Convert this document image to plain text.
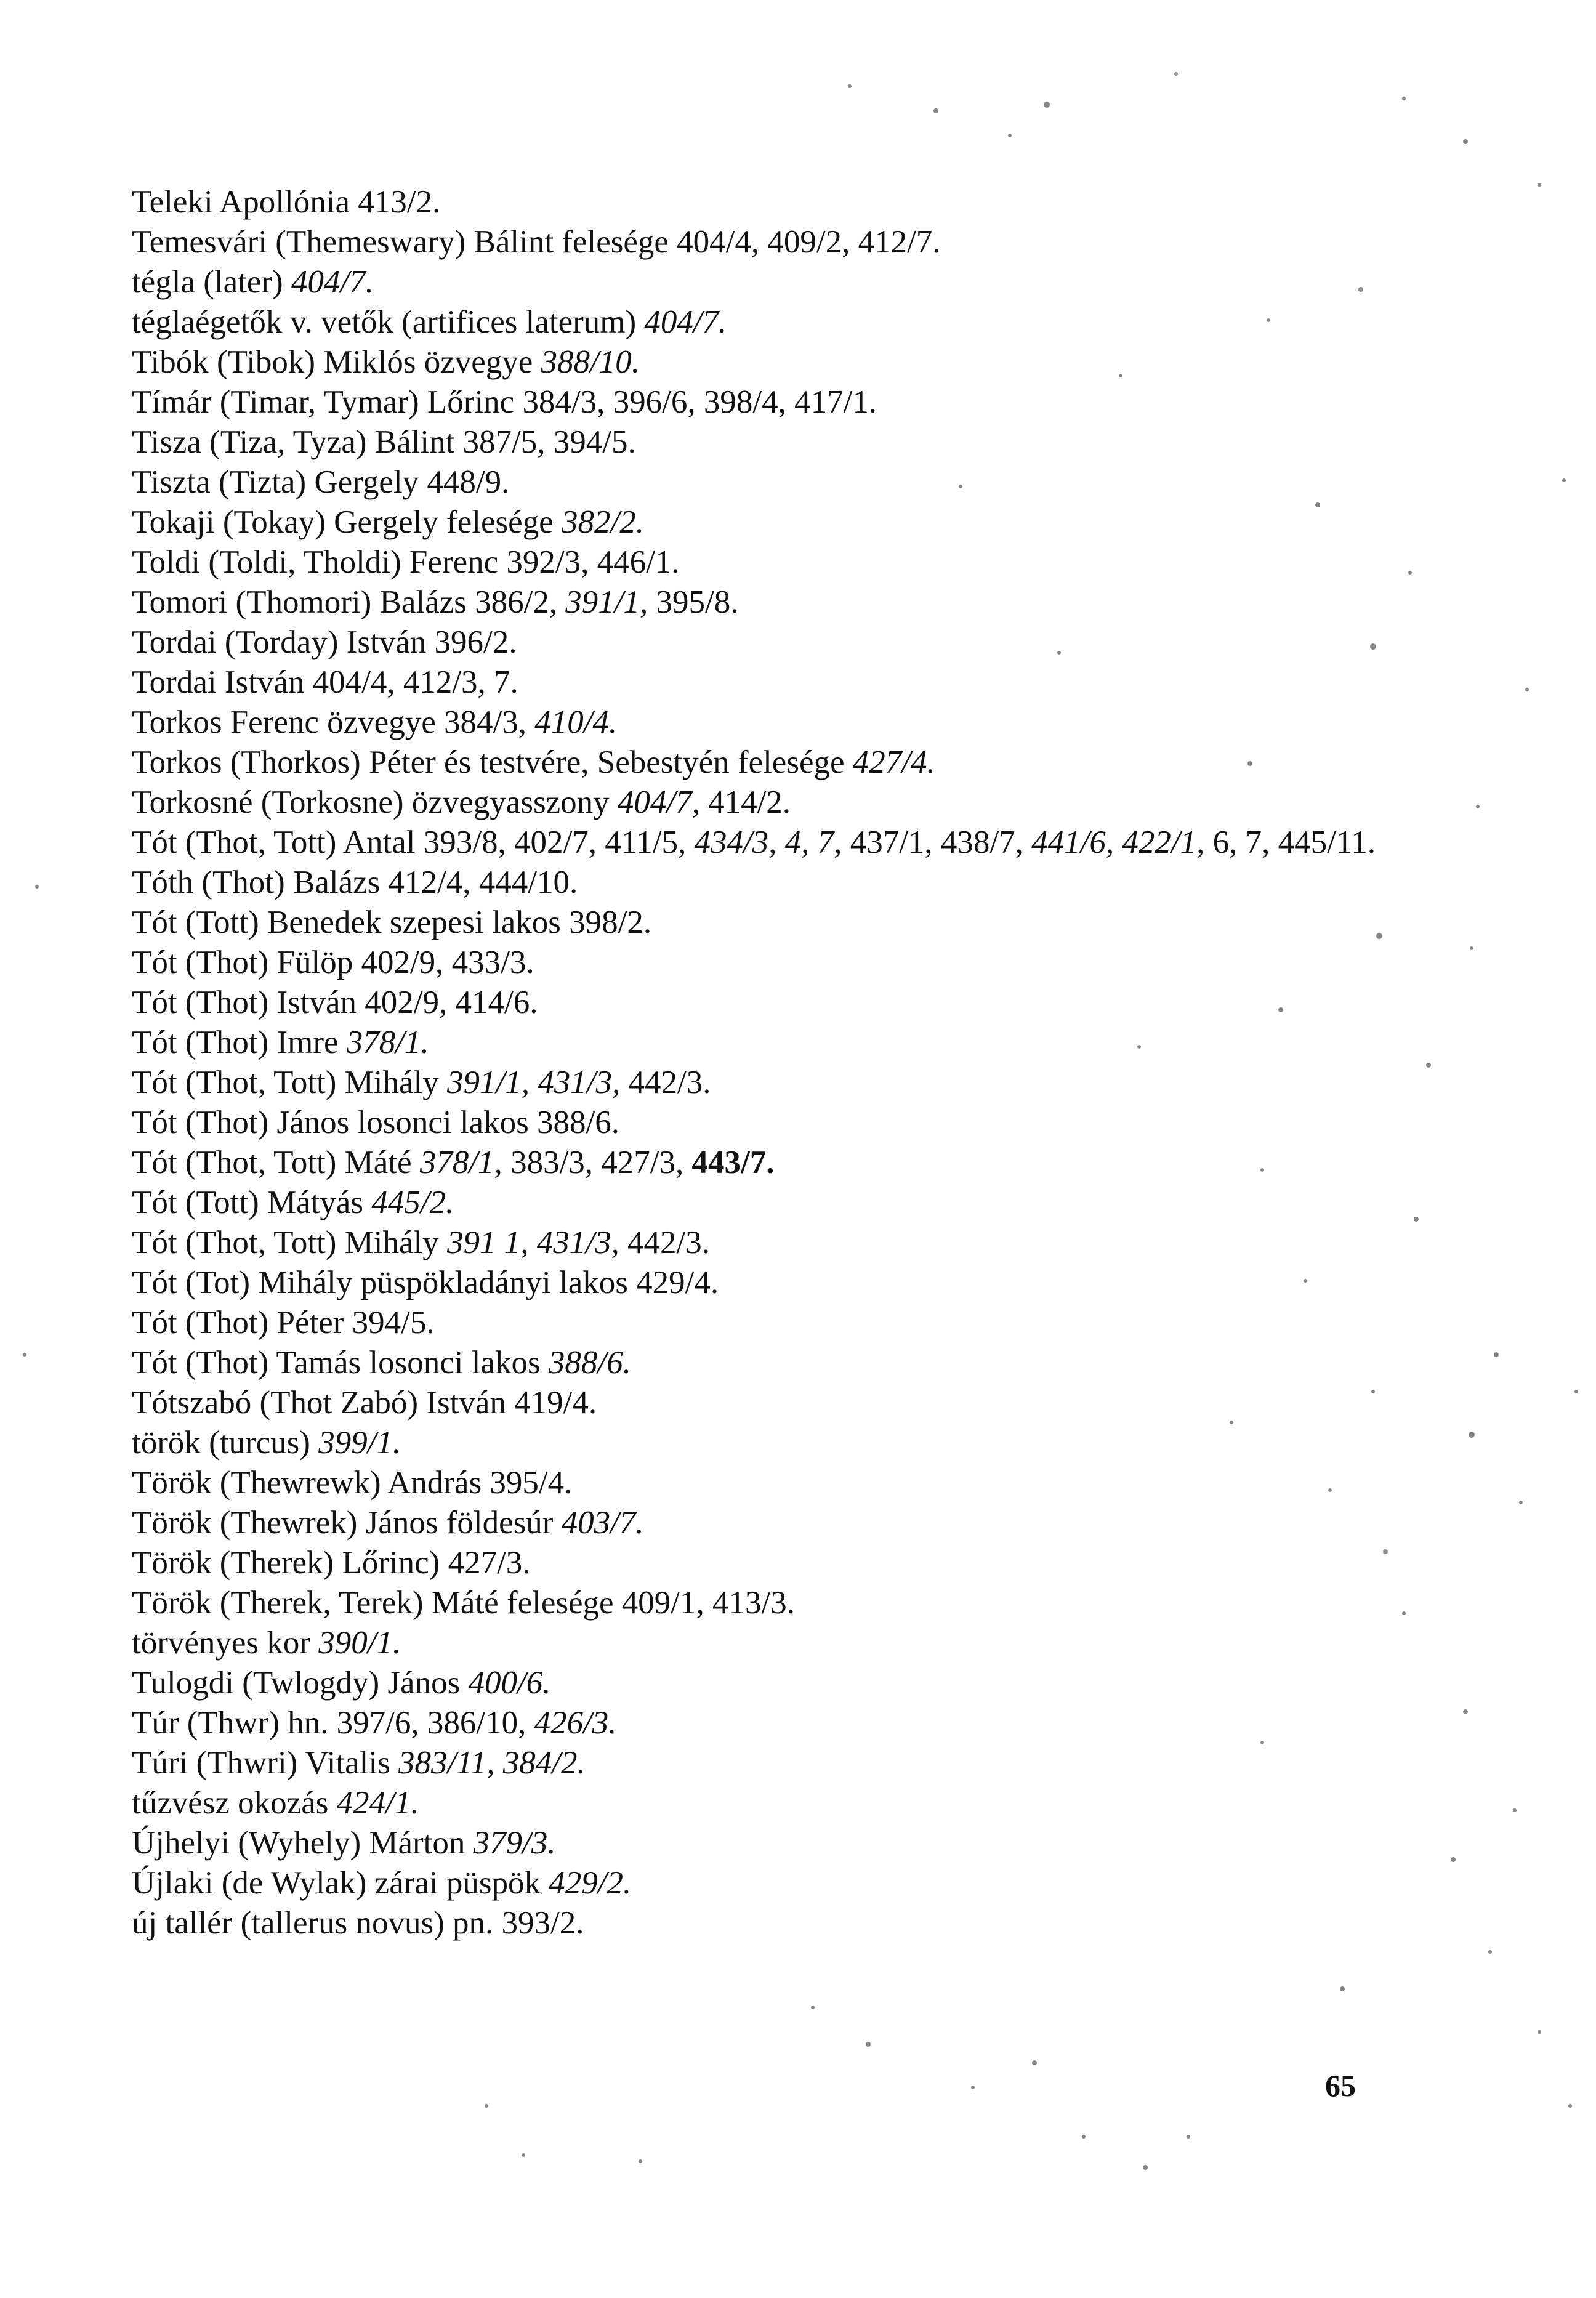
Teleki Apollónia 413/2.
Temesvári (Themeswary) Bálint felesége 404/4, 409/2, 412/7.
tégla (later) 404/7.
téglaégetők v. vetők (artifices laterum) 404/7.
Tibók (Tibok) Miklós özvegye 388/10.
Tímár (Timar, Tymar) Lőrinc 384/3, 396/6, 398/4, 417/1.
Tisza (Tiza, Tyza) Bálint 387/5, 394/5.
Tiszta (Tizta) Gergely 448/9.
Tokaji (Tokay) Gergely felesége 382/2.
Toldi (Toldi, Tholdi) Ferenc 392/3, 446/1.
Tomori (Thomori) Balázs 386/2, 391/1, 395/8.
Tordai (Torday) István 396/2.
Tordai István 404/4, 412/3, 7.
Torkos Ferenc özvegye 384/3, 410/4.
Torkos (Thorkos) Péter és testvére, Sebestyén felesége 427/4.
Torkosné (Torkosne) özvegyasszony 404/7, 414/2.
Tót (Thot, Tott) Antal 393/8, 402/7, 411/5, 434/3, 4, 7, 437/1, 438/7, 441/6, 422/1, 6, 7, 445/11.
Tóth (Thot) Balázs 412/4, 444/10.
Tót (Tott) Benedek szepesi lakos 398/2.
Tót (Thot) Fülöp 402/9, 433/3.
Tót (Thot) István 402/9, 414/6.
Tót (Thot) Imre 378/1.
Tót (Thot, Tott) Mihály 391/1, 431/3, 442/3.
Tót (Thot) János losonci lakos 388/6.
Tót (Thot, Tott) Máté 378/1, 383/3, 427/3, 443/7.
Tót (Tott) Mátyás 445/2.
Tót (Thot, Tott) Mihály 391 1, 431/3, 442/3.
Tót (Tot) Mihály püspökladányi lakos 429/4.
Tót (Thot) Péter 394/5.
Tót (Thot) Tamás losonci lakos 388/6.
Tótszabó (Thot Zabó) István 419/4.
török (turcus) 399/1.
Török (Thewrewk) András 395/4.
Török (Thewrek) János földesúr 403/7.
Török (Therek) Lőrinc) 427/3.
Török (Therek, Terek) Máté felesége 409/1, 413/3.
törvényes kor 390/1.
Tulogdi (Twlogdy) János 400/6.
Túr (Thwr) hn. 397/6, 386/10, 426/3.
Túri (Thwri) Vitalis 383/11, 384/2.
tűzvész okozás 424/1.
Újhelyi (Wyhely) Márton 379/3.
Újlaki (de Wylak) zárai püspök 429/2.
új tallér (tallerus novus) pn. 393/2.
65
